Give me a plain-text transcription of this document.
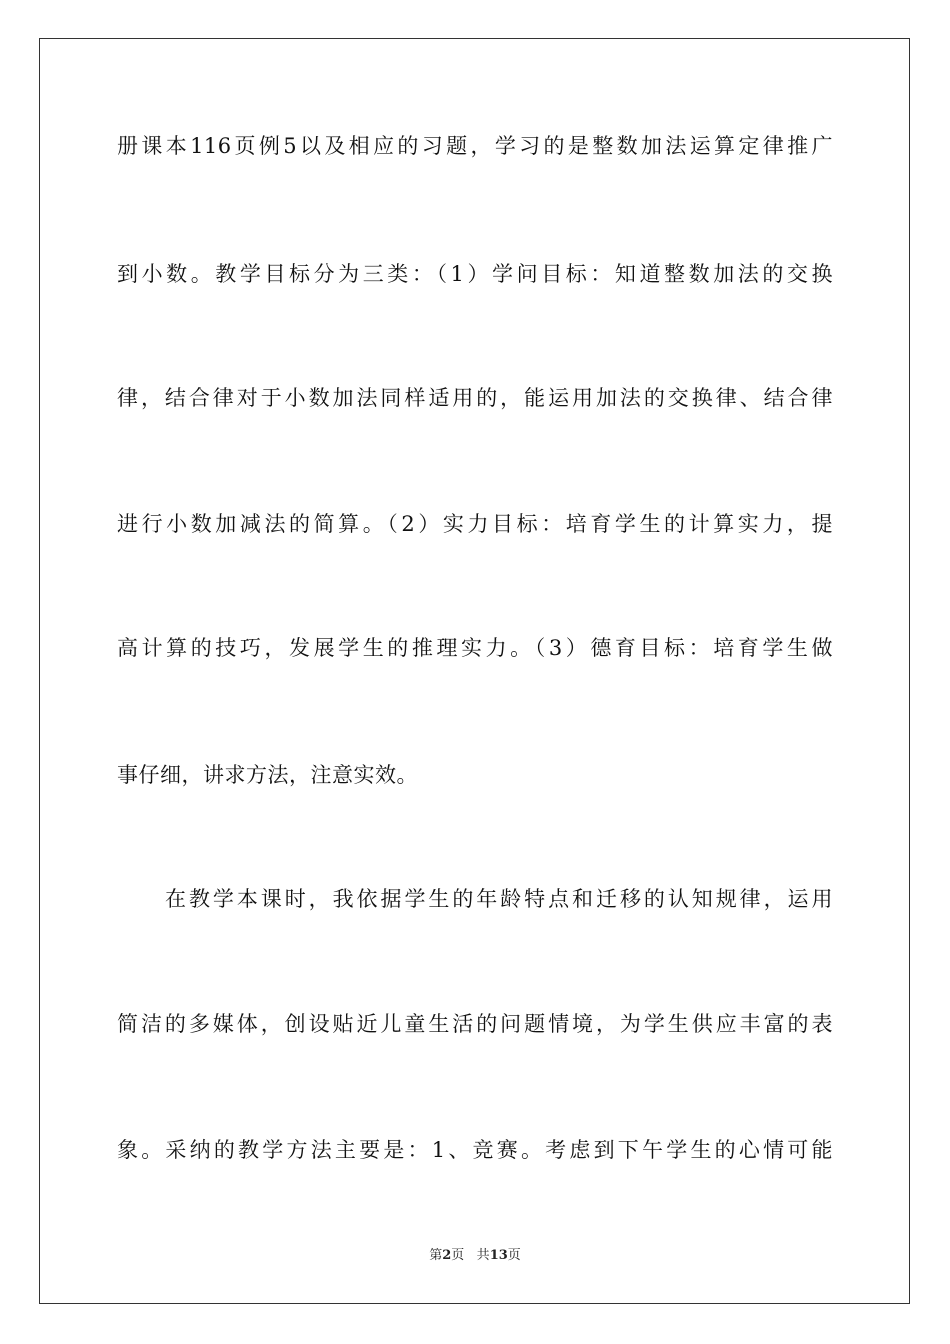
册课本116页例5以及相应的习题，学习的是整数加法运算定律推广
到小数。教学目标分为三类：（1）学问目标：知道整数加法的交换
律，结合律对于小数加法同样适用的，能运用加法的交换律、结合律
进行小数加减法的简算。（2）实力目标：培育学生的计算实力，提
高计算的技巧，发展学生的推理实力。（3）德育目标：培育学生做
事仔细，讲求方法，注意实效。
在教学本课时，我依据学生的年龄特点和迁移的认知规律，运用
简洁的多媒体，创设贴近儿童生活的问题情境，为学生供应丰富的表
象。采纳的教学方法主要是：1、竞赛。考虑到下午学生的心情可能
第2页 共13页
